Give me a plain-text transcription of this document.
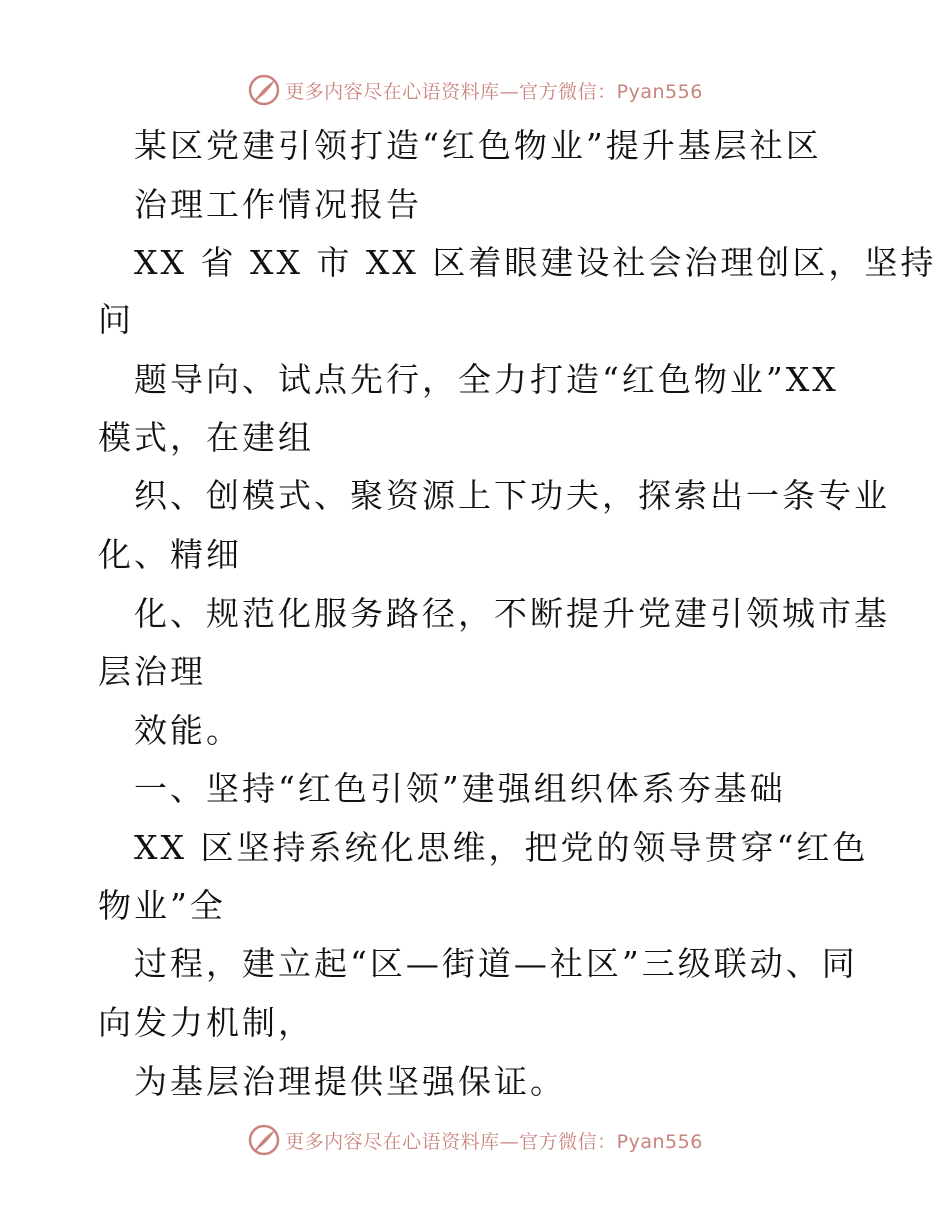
更多内容尽在心语资料库—官方微信：Pyan556
某区党建引领打造“红色物业”提升基层社区
治理工作情况报告
XX 省 XX 市 XX 区着眼建设社会治理创区，坚持
问
题导向、试点先行，全力打造“红色物业”XX
模式，在建组
织、创模式、聚资源上下功夫，探索出一条专业
化、精细
化、规范化服务路径，不断提升党建引领城市基
层治理
效能。
一、坚持“红色引领”建强组织体系夯基础
XX 区坚持系统化思维，把党的领导贯穿“红色
物业”全
过程，建立起“区—街道—社区”三级联动、同
向发力机制，
为基层治理提供坚强保证。
更多内容尽在心语资料库—官方微信：Pyan556
